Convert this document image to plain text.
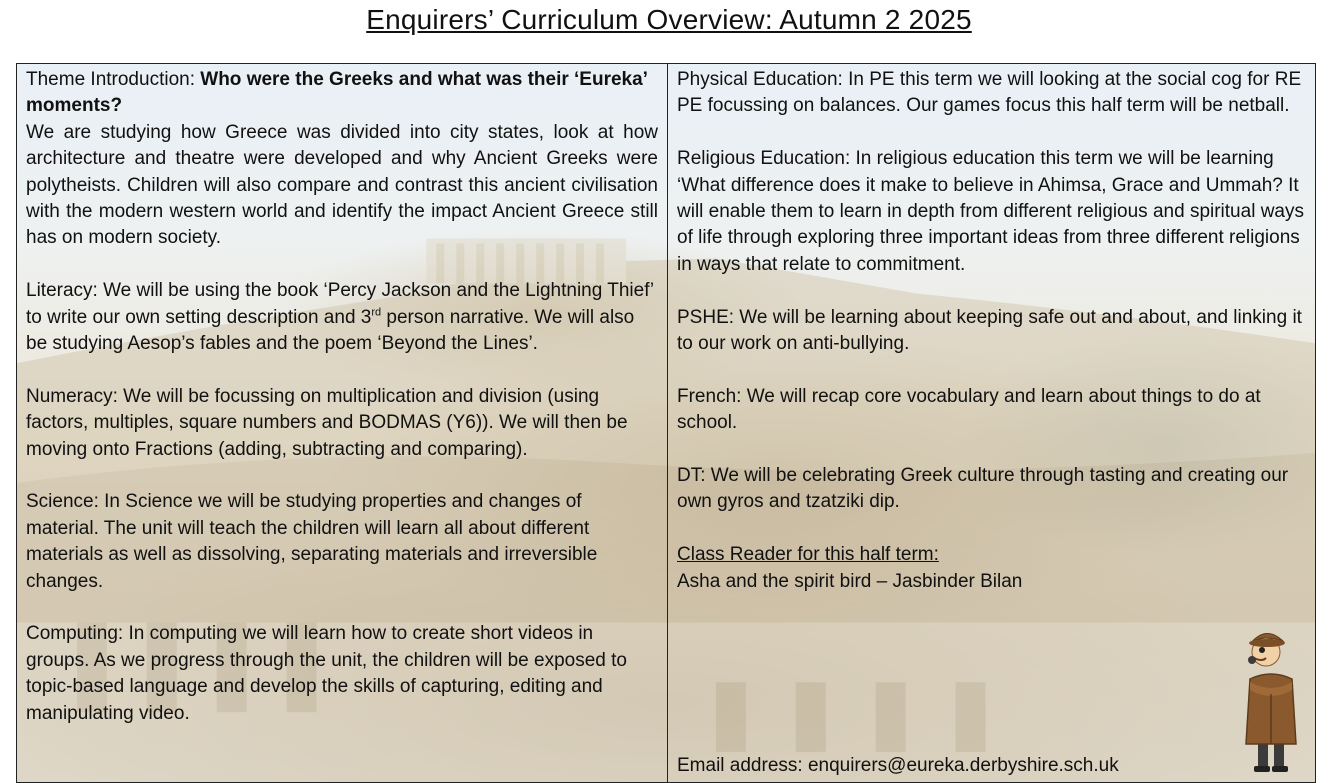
Enquirers’ Curriculum Overview: Autumn 2 2025

Theme Introduction: Who were the Greeks and what was their ‘Eureka’ moments?

We are studying how Greece was divided into city states, look at how architecture and theatre were developed and why Ancient Greeks were polytheists. Children will also compare and contrast this ancient civilisation with the modern western world and identify the impact Ancient Greece still has on modern society.

Literacy: We will be using the book ‘Percy Jackson and the Lightning Thief’ to write our own setting description and 3rd person narrative. We will also be studying Aesop’s fables and the poem ‘Beyond the Lines’.

Numeracy: We will be focussing on multiplication and division (using factors, multiples, square numbers and BODMAS (Y6)). We will then be moving onto Fractions (adding, subtracting and comparing).

Science: In Science we will be studying properties and changes of material. The unit will teach the children will learn all about different materials as well as dissolving, separating materials and irreversible changes.

Computing: In computing we will learn how to create short videos in groups. As we progress through the unit, the children will be exposed to topic-based language and develop the skills of capturing, editing and manipulating video.

Physical Education: In PE this term we will looking at the social cog for RE PE focussing on balances. Our games focus this half term will be netball.

Religious Education: In religious education this term we will be learning ‘What difference does it make to believe in Ahimsa, Grace and Ummah? It will enable them to learn in depth from different religious and spiritual ways of life through exploring three important ideas from three different religions in ways that relate to commitment.

PSHE: We will be learning about keeping safe out and about, and linking it to our work on anti-bullying.

French: We will recap core vocabulary and learn about things to do at school.

DT: We will be celebrating Greek culture through tasting and creating our own gyros and tzatziki dip.

Class Reader for this half term:

Asha and the spirit bird – Jasbinder Bilan

Email address: enquirers@eureka.derbyshire.sch.uk
